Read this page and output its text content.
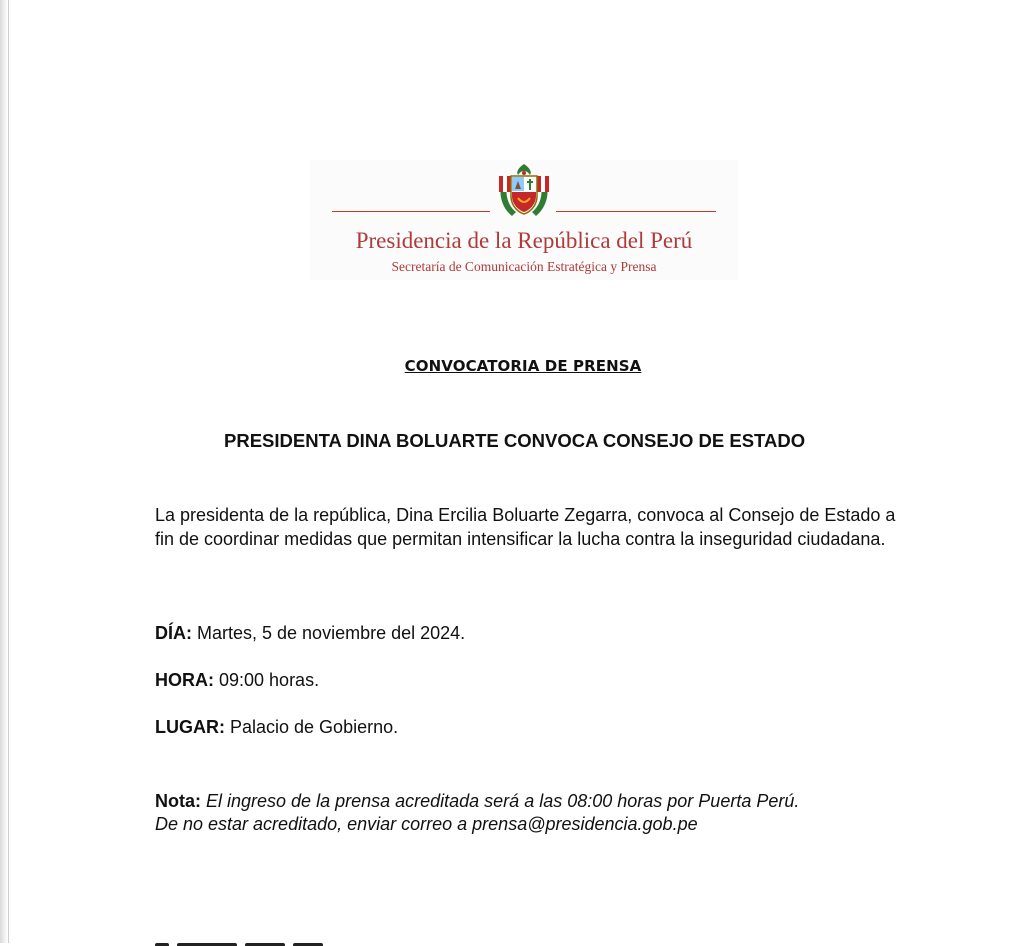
Presidencia de la República del Perú
Secretaría de Comunicación Estratégica y Prensa
CONVOCATORIA DE PRENSA
PRESIDENTA DINA BOLUARTE CONVOCA CONSEJO DE ESTADO
La presidenta de la república, Dina Ercilia Boluarte Zegarra, convoca al Consejo de Estado a fin de coordinar medidas que permitan intensificar la lucha contra la inseguridad ciudadana.
DÍA: Martes, 5 de noviembre del 2024.
HORA: 09:00 horas.
LUGAR: Palacio de Gobierno.
Nota: El ingreso de la prensa acreditada será a las 08:00 horas por Puerta Perú.
De no estar acreditado, enviar correo a prensa@presidencia.gob.pe
